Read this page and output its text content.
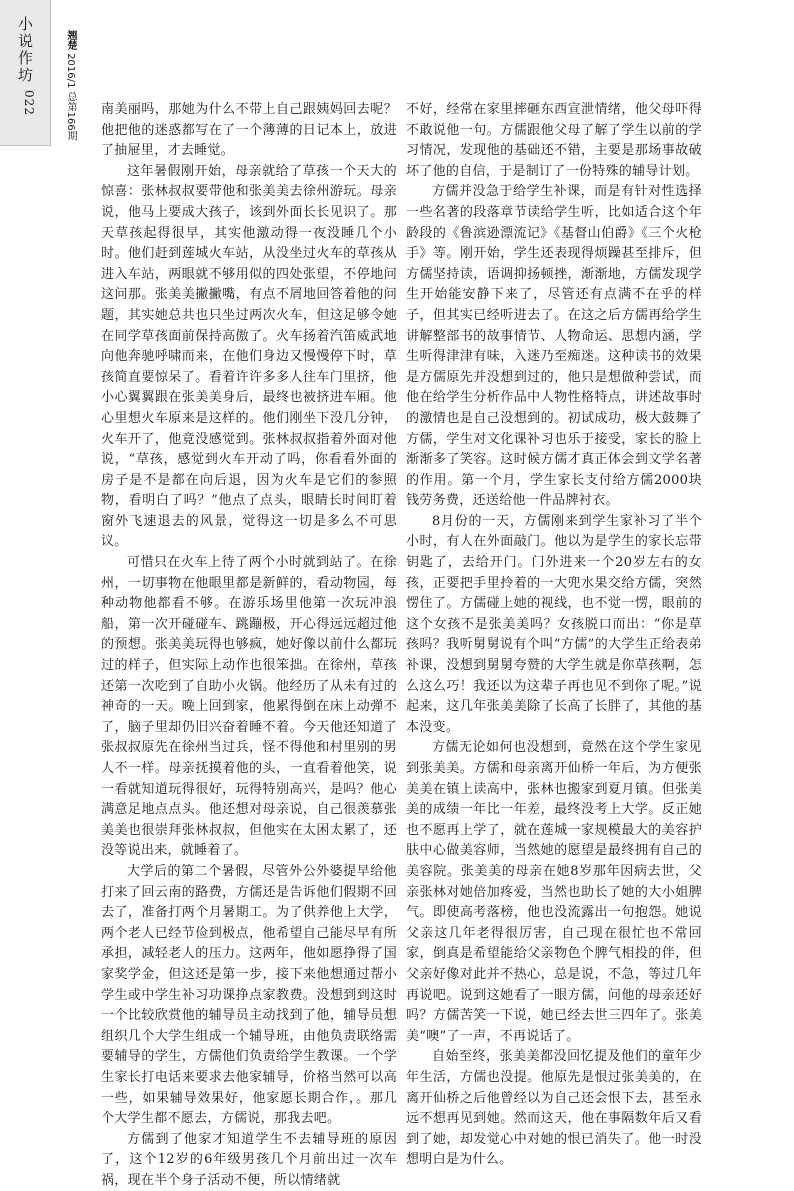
小说作坊
022
翘楚 2016/1 总第166期 南美丽吗，那她为什么不带上自己跟姨妈回去呢？他把他的迷惑都写在了一个薄薄的日记本上，放进了抽屉里，才去睡觉。

这年暑假刚开始，母亲就给了草孩一个天大的惊喜：张林叔叔要带他和张美美去徐州游玩。母亲说，他马上要成大孩子，该到外面长长见识了。那天草孩起得很早，其实他激动得一夜没睡几个小时。他们赶到莲城火车站，从没坐过火车的草孩从进入车站，两眼就不够用似的四处张望，不停地问这问那。张美美撇撇嘴，有点不屑地回答着他的问题，其实她总共也只坐过两次火车，但这足够令她在同学草孩面前保持高傲了。火车扬着汽笛威武地向他奔驰呼啸而来，在他们身边又慢慢停下时，草孩简直要惊呆了。看着许许多多人往车门里挤，他小心翼翼跟在张美美身后，最终也被挤进车厢。他心里想火车原来是这样的。他们刚坐下没几分钟，火车开了，他竟没感觉到。张林叔叔指着外面对他说，“草孩，感觉到火车开动了吗，你看看外面的房子是不是都在向后退，因为火车是它们的参照物，看明白了吗？”他点了点头，眼睛长时间盯着窗外飞速退去的风景，觉得这一切是多么不可思议。

可惜只在火车上待了两个小时就到站了。在徐州，一切事物在他眼里都是新鲜的，看动物园，每种动物他都看不够。在游乐场里他第一次玩冲浪船，第一次开碰碰车、跳蹦极，开心得远远超过他的预想。张美美玩得也够疯，她好像以前什么都玩过的样子，但实际上动作也很笨拙。在徐州，草孩还第一次吃到了自助小火锅。他经历了从未有过的神奇的一天。晚上回到家，他累得倒在床上动弹不了，脑子里却仍旧兴奋着睡不着。今天他还知道了张叔叔原先在徐州当过兵，怪不得他和村里别的男人不一样。母亲抚摸着他的头，一直看着他笑，说一看就知道玩得很好，玩得特别高兴，是吗？他心满意足地点点头。他还想对母亲说，自己很羡慕张美美也很崇拜张林叔叔，但他实在太困太累了，还没等说出来，就睡着了。

大学后的第二个暑假，尽管外公外婆提早给他打来了回云南的路费，方儒还是告诉他们假期不回去了，准备打两个月暑期工。为了供养他上大学，两个老人已经节俭到极点，他希望自己能尽早有所承担，减轻老人的压力。这两年，他如愿挣得了国家奖学金，但这还是第一步，接下来他想通过帮小学生或中学生补习功课挣点家教费。没想到到这时一个比较欣赏他的辅导员主动找到了他，辅导员想组织几个大学生组成一个辅导班，由他负责联络需要辅导的学生，方儒他们负责给学生教课。一个学生家长打电话来要求去他家辅导，价格当然可以高一些，如果辅导效果好，他家愿长期合作，。那几个大学生都不愿去，方儒说，那我去吧。

方儒到了他家才知道学生不去辅导班的原因了，这个12岁的6年级男孩几个月前出过一次车祸，现在半个身子活动不便，所以情绪就

不好，经常在家里摔砸东西宣泄情绪，他父母吓得不敢说他一句。方儒跟他父母了解了学生以前的学习情况，发现他的基础还不错，主要是那场事故破坏了他的自信，于是制订了一份特殊的辅导计划。

方儒并没急于给学生补课，而是有针对性选择一些名著的段落章节读给学生听，比如适合这个年龄段的《鲁滨逊漂流记》《基督山伯爵》《三个火枪手》等。刚开始，学生还表现得烦躁甚至排斥，但方儒坚持读，语调抑扬顿挫，渐渐地，方儒发现学生开始能安静下来了，尽管还有点满不在乎的样子，但其实已经听进去了。在这之后方儒再给学生讲解整部书的故事情节、人物命运、思想内涵，学生听得津津有味，入迷乃至痴迷。这种读书的效果是方儒原先并没想到过的，他只是想做种尝试，而他在给学生分析作品中人物性格特点，讲述故事时的激情也是自己没想到的。初试成功，极大鼓舞了方儒，学生对文化课补习也乐于接受，家长的脸上渐渐多了笑容。这时候方儒才真正体会到文学名著的作用。第一个月，学生家长支付给方儒2000块钱劳务费，还送给他一件品牌衬衣。

8月份的一天，方儒刚来到学生家补习了半个小时，有人在外面敲门。他以为是学生的家长忘带钥匙了，去给开门。门外进来一个20岁左右的女孩，正要把手里拎着的一大兜水果交给方儒，突然愣住了。方儒碰上她的视线，也不觉一愣，眼前的这个女孩不是张美美吗？女孩脱口而出：“你是草孩吗？我听舅舅说有个叫“方儒”的大学生正给表弟补课，没想到舅舅夸赞的大学生就是你草孩啊，怎么这么巧！我还以为这辈子再也见不到你了呢。”说起来，这几年张美美除了长高了长胖了，其他的基本没变。

方儒无论如何也没想到，竟然在这个学生家见到张美美。方儒和母亲离开仙桥一年后，为方便张美美在镇上读高中，张林也搬家到夏月镇。但张美美的成绩一年比一年差，最终没考上大学。反正她也不愿再上学了，就在莲城一家规模最大的美容护肤中心做美容师，当然她的愿望是最终拥有自己的美容院。张美美的母亲在她8岁那年因病去世，父亲张林对她倍加疼爱，当然也助长了她的大小姐脾气。即使高考落榜，他也没流露出一句抱怨。她说父亲这几年老得很厉害，自己现在很忙也不常回家，倒真是希望能给父亲物色个脾气相投的伴，但父亲好像对此并不热心，总是说，不急，等过几年再说吧。说到这她看了一眼方儒，问他的母亲还好吗？方儒苦笑一下说，她已经去世三四年了。张美美“噢”了一声，不再说话了。

自始至终，张美美都没回忆提及他们的童年少年生活，方儒也没提。他原先是恨过张美美的，在离开仙桥之后他曾经以为自己还会恨下去，甚至永远不想再见到她。然而这天，他在事隔数年后又看到了她，却发觉心中对她的恨已消失了。他一时没想明白是为什么。
